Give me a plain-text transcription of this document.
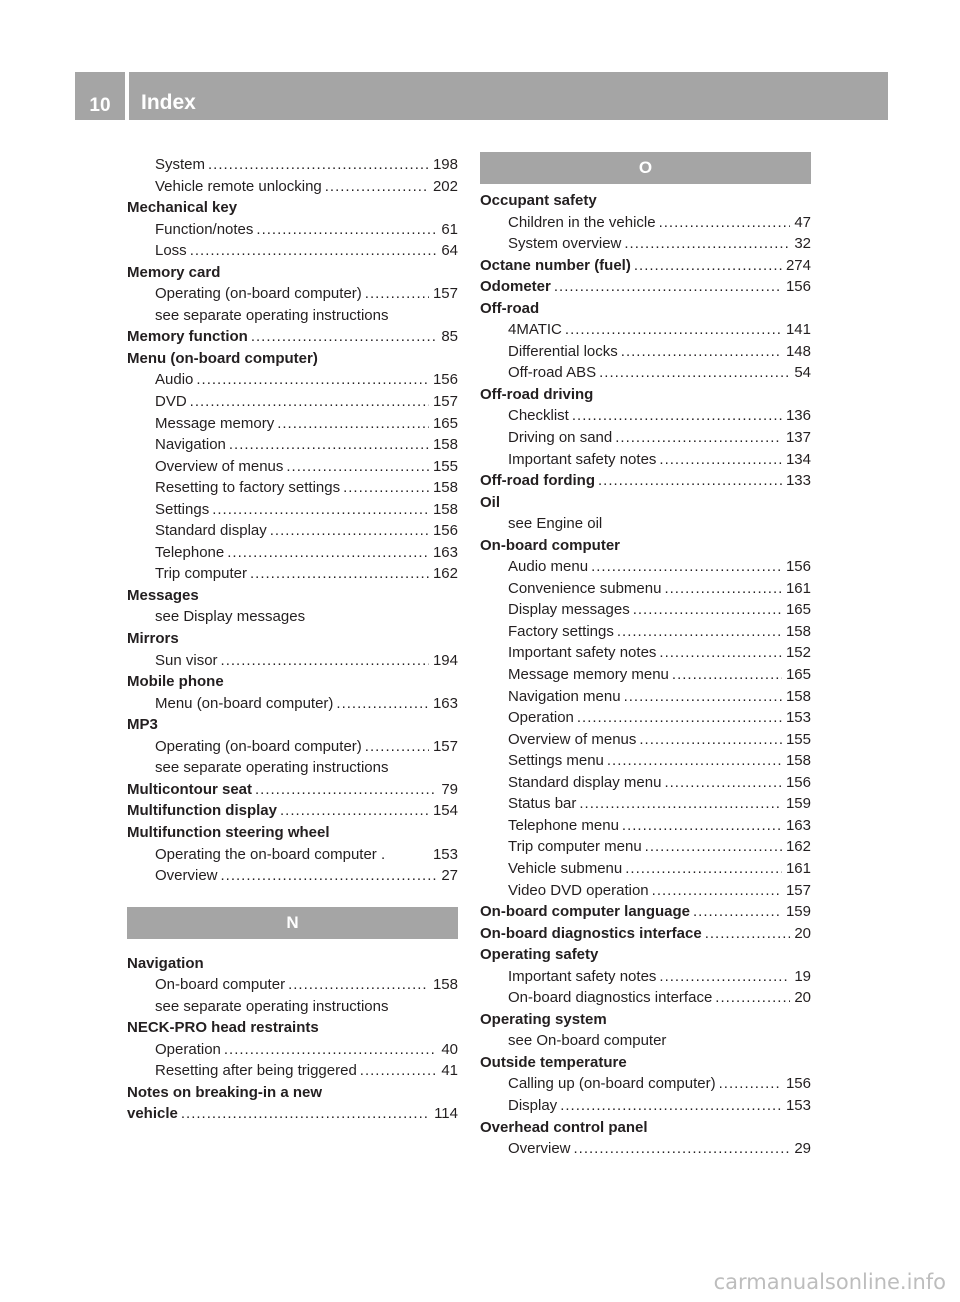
10	Index
System .....	198
Vehicle remote unlocking .....	202
Mechanical key
Function/notes .....	61
Loss .....	64
Memory card
Operating (on-board computer) .....	157
see separate operating instructions
Memory function .....	85
Menu (on-board computer)
Audio .....	156
DVD .....	157
Message memory .....	165
Navigation .....	158
Overview of menus .....	155
Resetting to factory settings .....	158
Settings .....	158
Standard display .....	156
Telephone .....	163
Trip computer .....	162
Messages
see Display messages
Mirrors
Sun visor .....	194
Mobile phone
Menu (on-board computer) .....	163
MP3
Operating (on-board computer) .....	157
see separate operating instructions
Multicontour seat .....	79
Multifunction display .....	154
Multifunction steering wheel
Operating the on-board computer .	153
Overview .....	27
N
Navigation
On-board computer .....	158
see separate operating instructions
NECK-PRO head restraints
Operation .....	40
Resetting after being triggered .....	41
Notes on breaking-in a new
vehicle .....	114
O
Occupant safety
Children in the vehicle .....	47
System overview .....	32
Octane number (fuel) .....	274
Odometer .....	156
Off-road
4MATIC .....	141
Differential locks .....	148
Off-road ABS .....	54
Off-road driving
Checklist .....	136
Driving on sand .....	137
Important safety notes .....	134
Off-road fording .....	133
Oil
see Engine oil
On-board computer
Audio menu .....	156
Convenience submenu .....	161
Display messages .....	165
Factory settings .....	158
Important safety notes .....	152
Message memory menu .....	165
Navigation menu .....	158
Operation .....	153
Overview of menus .....	155
Settings menu .....	158
Standard display menu .....	156
Status bar .....	159
Telephone menu .....	163
Trip computer menu .....	162
Vehicle submenu .....	161
Video DVD operation .....	157
On-board computer language .....	159
On-board diagnostics interface .....	20
Operating safety
Important safety notes .....	19
On-board diagnostics interface .....	20
Operating system
see On-board computer
Outside temperature
Calling up (on-board computer) .....	156
Display .....	153
Overhead control panel
Overview .....	29
carmanualsonline.info
